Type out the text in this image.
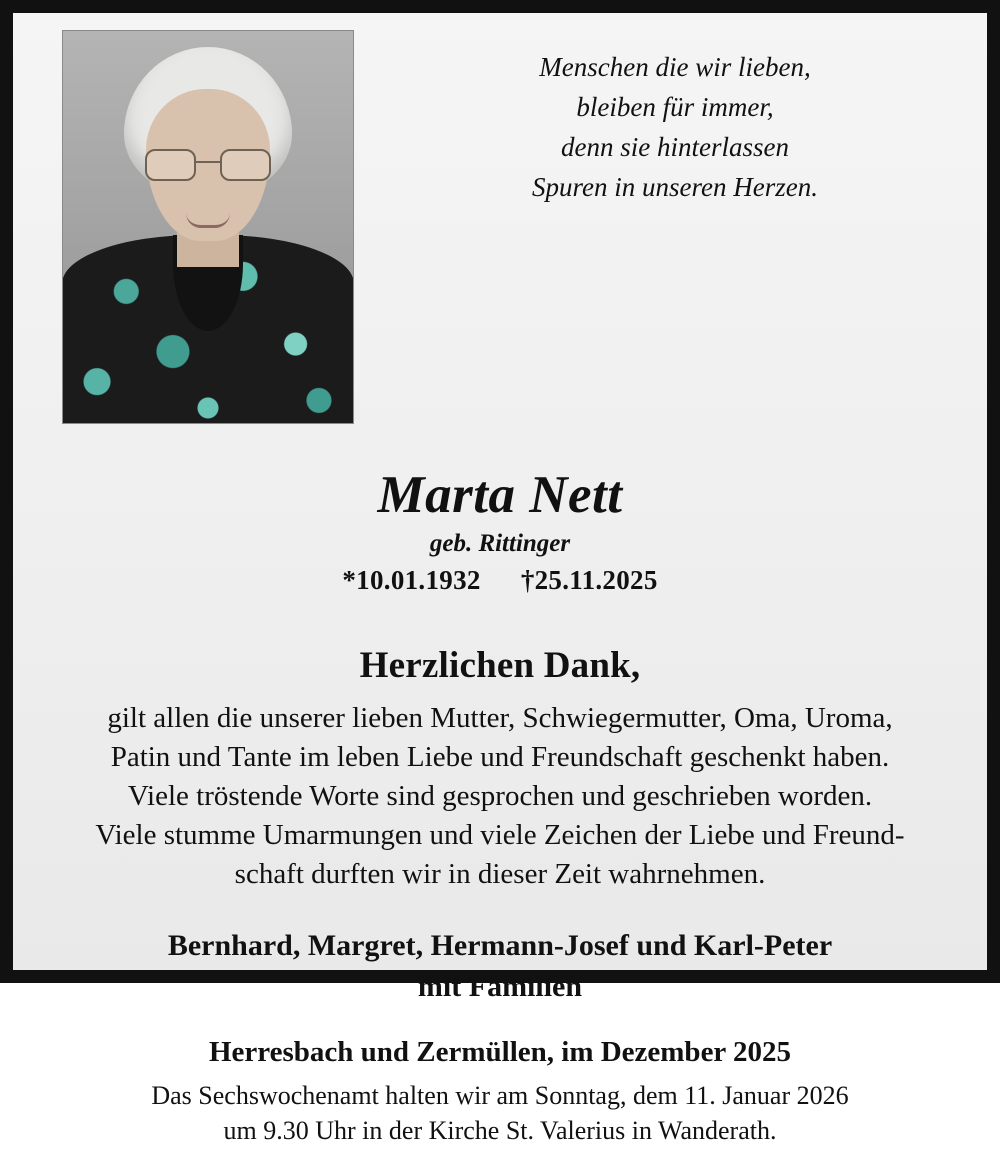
Menschen die wir lieben,
bleiben für immer,
denn sie hinterlassen
Spuren in unseren Herzen.
Marta Nett
geb. Rittinger
*10.01.1932 †25.11.2025
Herzlichen Dank,
gilt allen die unserer lieben Mutter, Schwiegermutter, Oma, Uroma,
Patin und Tante im leben Liebe und Freundschaft geschenkt haben.
Viele tröstende Worte sind gesprochen und geschrieben worden.
Viele stumme Umarmungen und viele Zeichen der Liebe und Freund-
schaft durften wir in dieser Zeit wahrnehmen.
Bernhard, Margret, Hermann-Josef und Karl-Peter
mit Familien
Herresbach und Zermüllen, im Dezember 2025
Das Sechswochenamt halten wir am Sonntag, dem 11. Januar 2026
um 9.30 Uhr in der Kirche St. Valerius in Wanderath.
